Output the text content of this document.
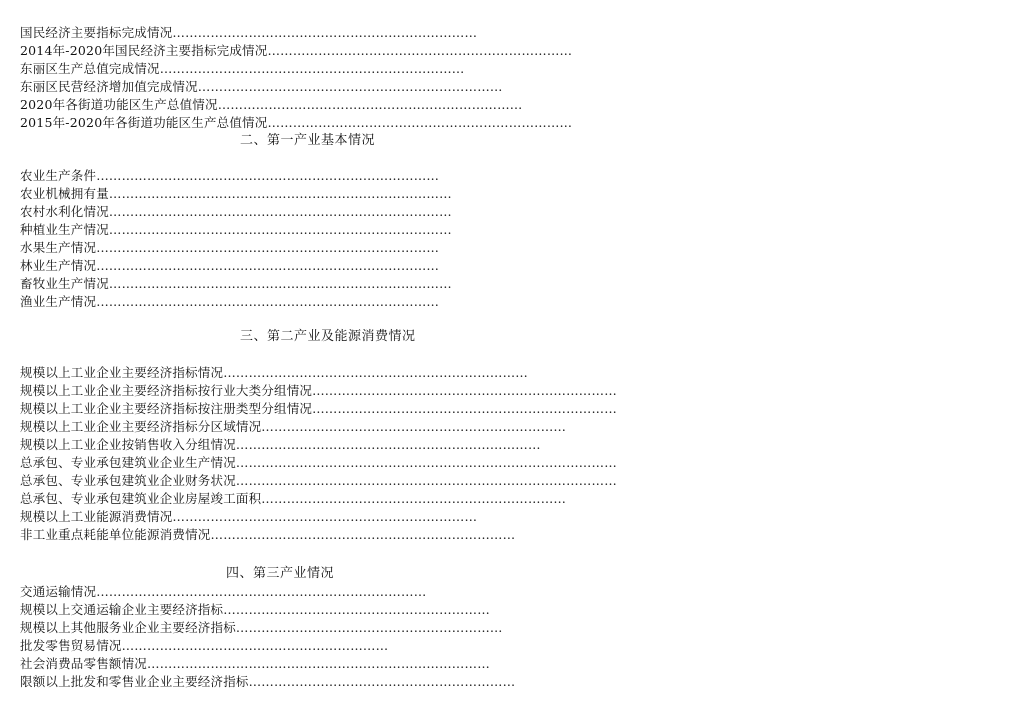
国民经济主要指标完成情况………………………………………………………………
2014年-2020年国民经济主要指标完成情况………………………………………………………………
东丽区生产总值完成情况………………………………………………………………
东丽区民营经济增加值完成情况………………………………………………………………
2020年各街道功能区生产总值情况………………………………………………………………
2015年-2020年各街道功能区生产总值情况………………………………………………………………
二、第一产业基本情况
农业生产条件………………………………………………………………………
农业机械拥有量………………………………………………………………………
农村水利化情况………………………………………………………………………
种植业生产情况………………………………………………………………………
水果生产情况………………………………………………………………………
林业生产情况………………………………………………………………………
畜牧业生产情况………………………………………………………………………
渔业生产情况………………………………………………………………………
三、第二产业及能源消费情况
规模以上工业企业主要经济指标情况………………………………………………………………
规模以上工业企业主要经济指标按行业大类分组情况………………………………………………………………
规模以上工业企业主要经济指标按注册类型分组情况………………………………………………………………
规模以上工业企业主要经济指标分区域情况………………………………………………………………
规模以上工业企业按销售收入分组情况………………………………………………………………
总承包、专业承包建筑业企业生产情况………………………………………………………………………………
总承包、专业承包建筑业企业财务状况………………………………………………………………………………
总承包、专业承包建筑业企业房屋竣工面积………………………………………………………………
规模以上工业能源消费情况………………………………………………………………
非工业重点耗能单位能源消费情况………………………………………………………………
四、第三产业情况
交通运输情况……………………………………………………………………
规模以上交通运输企业主要经济指标………………………………………………………
规模以上其他服务业企业主要经济指标………………………………………………………
批发零售贸易情况………………………………………………………
社会消费品零售额情况………………………………………………………………………
限额以上批发和零售业企业主要经济指标………………………………………………………
